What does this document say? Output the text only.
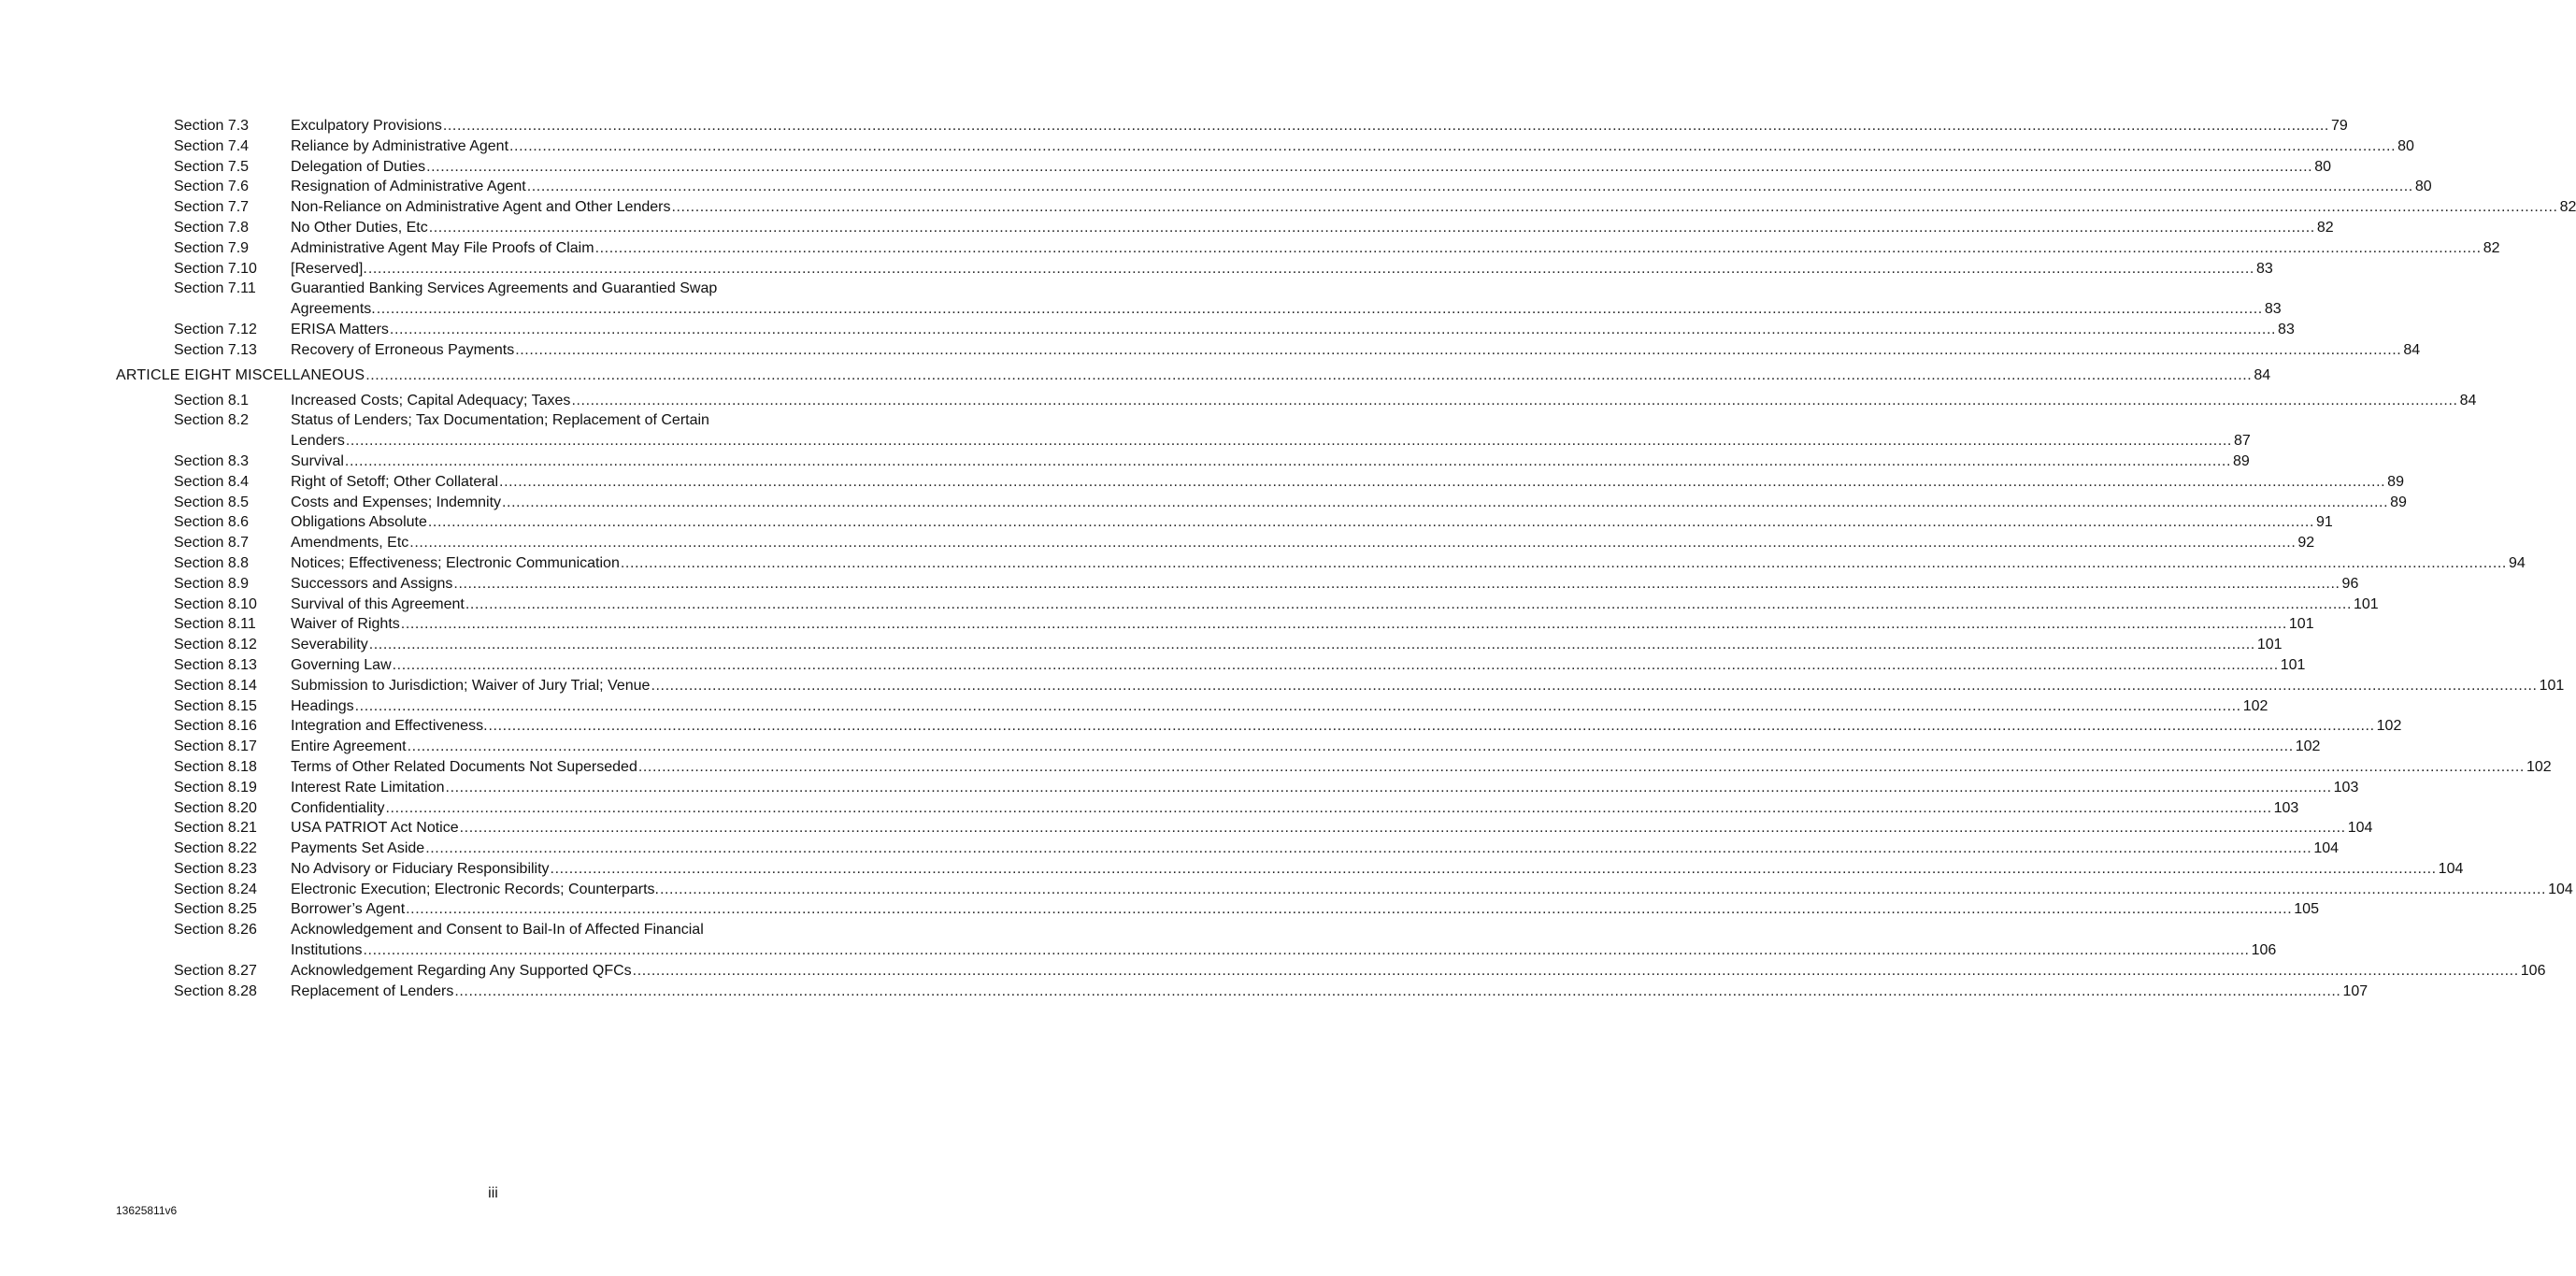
Section 7.3	Exculpatory Provisions ................................................................................................................................................................................................................................................................................................................................................................................................................ 79
Section 7.4	Reliance by Administrative Agent ................................................................................................................................................................................................................................................................................................................................................................................................................ 80
Section 7.5	Delegation of Duties ................................................................................................................................................................................................................................................................................................................................................................................................................ 80
Section 7.6	Resignation of Administrative Agent ................................................................................................................................................................................................................................................................................................................................................................................................................ 80
Section 7.7	Non-Reliance on Administrative Agent and Other Lenders ................................................................................................................................................................................................................................................................................................................................................................................................................ 82
Section 7.8	No Other Duties, Etc ................................................................................................................................................................................................................................................................................................................................................................................................................ 82
Section 7.9	Administrative Agent May File Proofs of Claim ................................................................................................................................................................................................................................................................................................................................................................................................................ 82
Section 7.10 [Reserved]. ................................................................................................................................................................................................................................................................................................................................................................................................................ 83
Section 7.11 Guarantied Banking Services Agreements and Guarantied Swap
Agreements. ................................................................................................................................................................................................................................................................................................................................................................................................................ 83
Section 7.12 ERISA Matters ................................................................................................................................................................................................................................................................................................................................................................................................................ 83
Section 7.13 Recovery of Erroneous Payments ................................................................................................................................................................................................................................................................................................................................................................................................................ 84
ARTICLE EIGHT MISCELLANEOUS ................................................................................................................................................................................................................................................................................................................................................................................................................ 84
Section 8.1	Increased Costs; Capital Adequacy; Taxes ................................................................................................................................................................................................................................................................................................................................................................................................................ 84
Section 8.2	Status of Lenders; Tax Documentation; Replacement of Certain
Lenders ................................................................................................................................................................................................................................................................................................................................................................................................................ 87
Section 8.3	Survival ................................................................................................................................................................................................................................................................................................................................................................................................................ 89
Section 8.4	Right of Setoff; Other Collateral ................................................................................................................................................................................................................................................................................................................................................................................................................ 89
Section 8.5	Costs and Expenses; Indemnity ................................................................................................................................................................................................................................................................................................................................................................................................................ 89
Section 8.6	Obligations Absolute ................................................................................................................................................................................................................................................................................................................................................................................................................ 91
Section 8.7	Amendments, Etc ................................................................................................................................................................................................................................................................................................................................................................................................................ 92
Section 8.8	Notices; Effectiveness; Electronic Communication ................................................................................................................................................................................................................................................................................................................................................................................................................ 94
Section 8.9	Successors and Assigns ................................................................................................................................................................................................................................................................................................................................................................................................................ 96
Section 8.10 Survival of this Agreement ................................................................................................................................................................................................................................................................................................................................................................................................................ 101
Section 8.11 Waiver of Rights ................................................................................................................................................................................................................................................................................................................................................................................................................ 101
Section 8.12 Severability ................................................................................................................................................................................................................................................................................................................................................................................................................ 101
Section 8.13 Governing Law ................................................................................................................................................................................................................................................................................................................................................................................................................ 101
Section 8.14 Submission to Jurisdiction; Waiver of Jury Trial; Venue ................................................................................................................................................................................................................................................................................................................................................................................................................ 101
Section 8.15 Headings ................................................................................................................................................................................................................................................................................................................................................................................................................ 102
Section 8.16 Integration and Effectiveness. ................................................................................................................................................................................................................................................................................................................................................................................................................ 102
Section 8.17 Entire Agreement ................................................................................................................................................................................................................................................................................................................................................................................................................ 102
Section 8.18 Terms of Other Related Documents Not Superseded ................................................................................................................................................................................................................................................................................................................................................................................................................ 102
Section 8.19 Interest Rate Limitation ................................................................................................................................................................................................................................................................................................................................................................................................................ 103
Section 8.20 Confidentiality ................................................................................................................................................................................................................................................................................................................................................................................................................ 103
Section 8.21 USA PATRIOT Act Notice ................................................................................................................................................................................................................................................................................................................................................................................................................ 104
Section 8.22 Payments Set Aside ................................................................................................................................................................................................................................................................................................................................................................................................................ 104
Section 8.23 No Advisory or Fiduciary Responsibility ................................................................................................................................................................................................................................................................................................................................................................................................................ 104
Section 8.24 Electronic Execution; Electronic Records; Counterparts. ................................................................................................................................................................................................................................................................................................................................................................................................................ 104
Section 8.25 Borrower’s Agent ................................................................................................................................................................................................................................................................................................................................................................................................................ 105
Section 8.26 Acknowledgement and Consent to Bail-In of Affected Financial
Institutions ................................................................................................................................................................................................................................................................................................................................................................................................................ 106
Section 8.27 Acknowledgement Regarding Any Supported QFCs ................................................................................................................................................................................................................................................................................................................................................................................................................ 106
Section 8.28 Replacement of Lenders ................................................................................................................................................................................................................................................................................................................................................................................................................ 107
iii
13625811v6
